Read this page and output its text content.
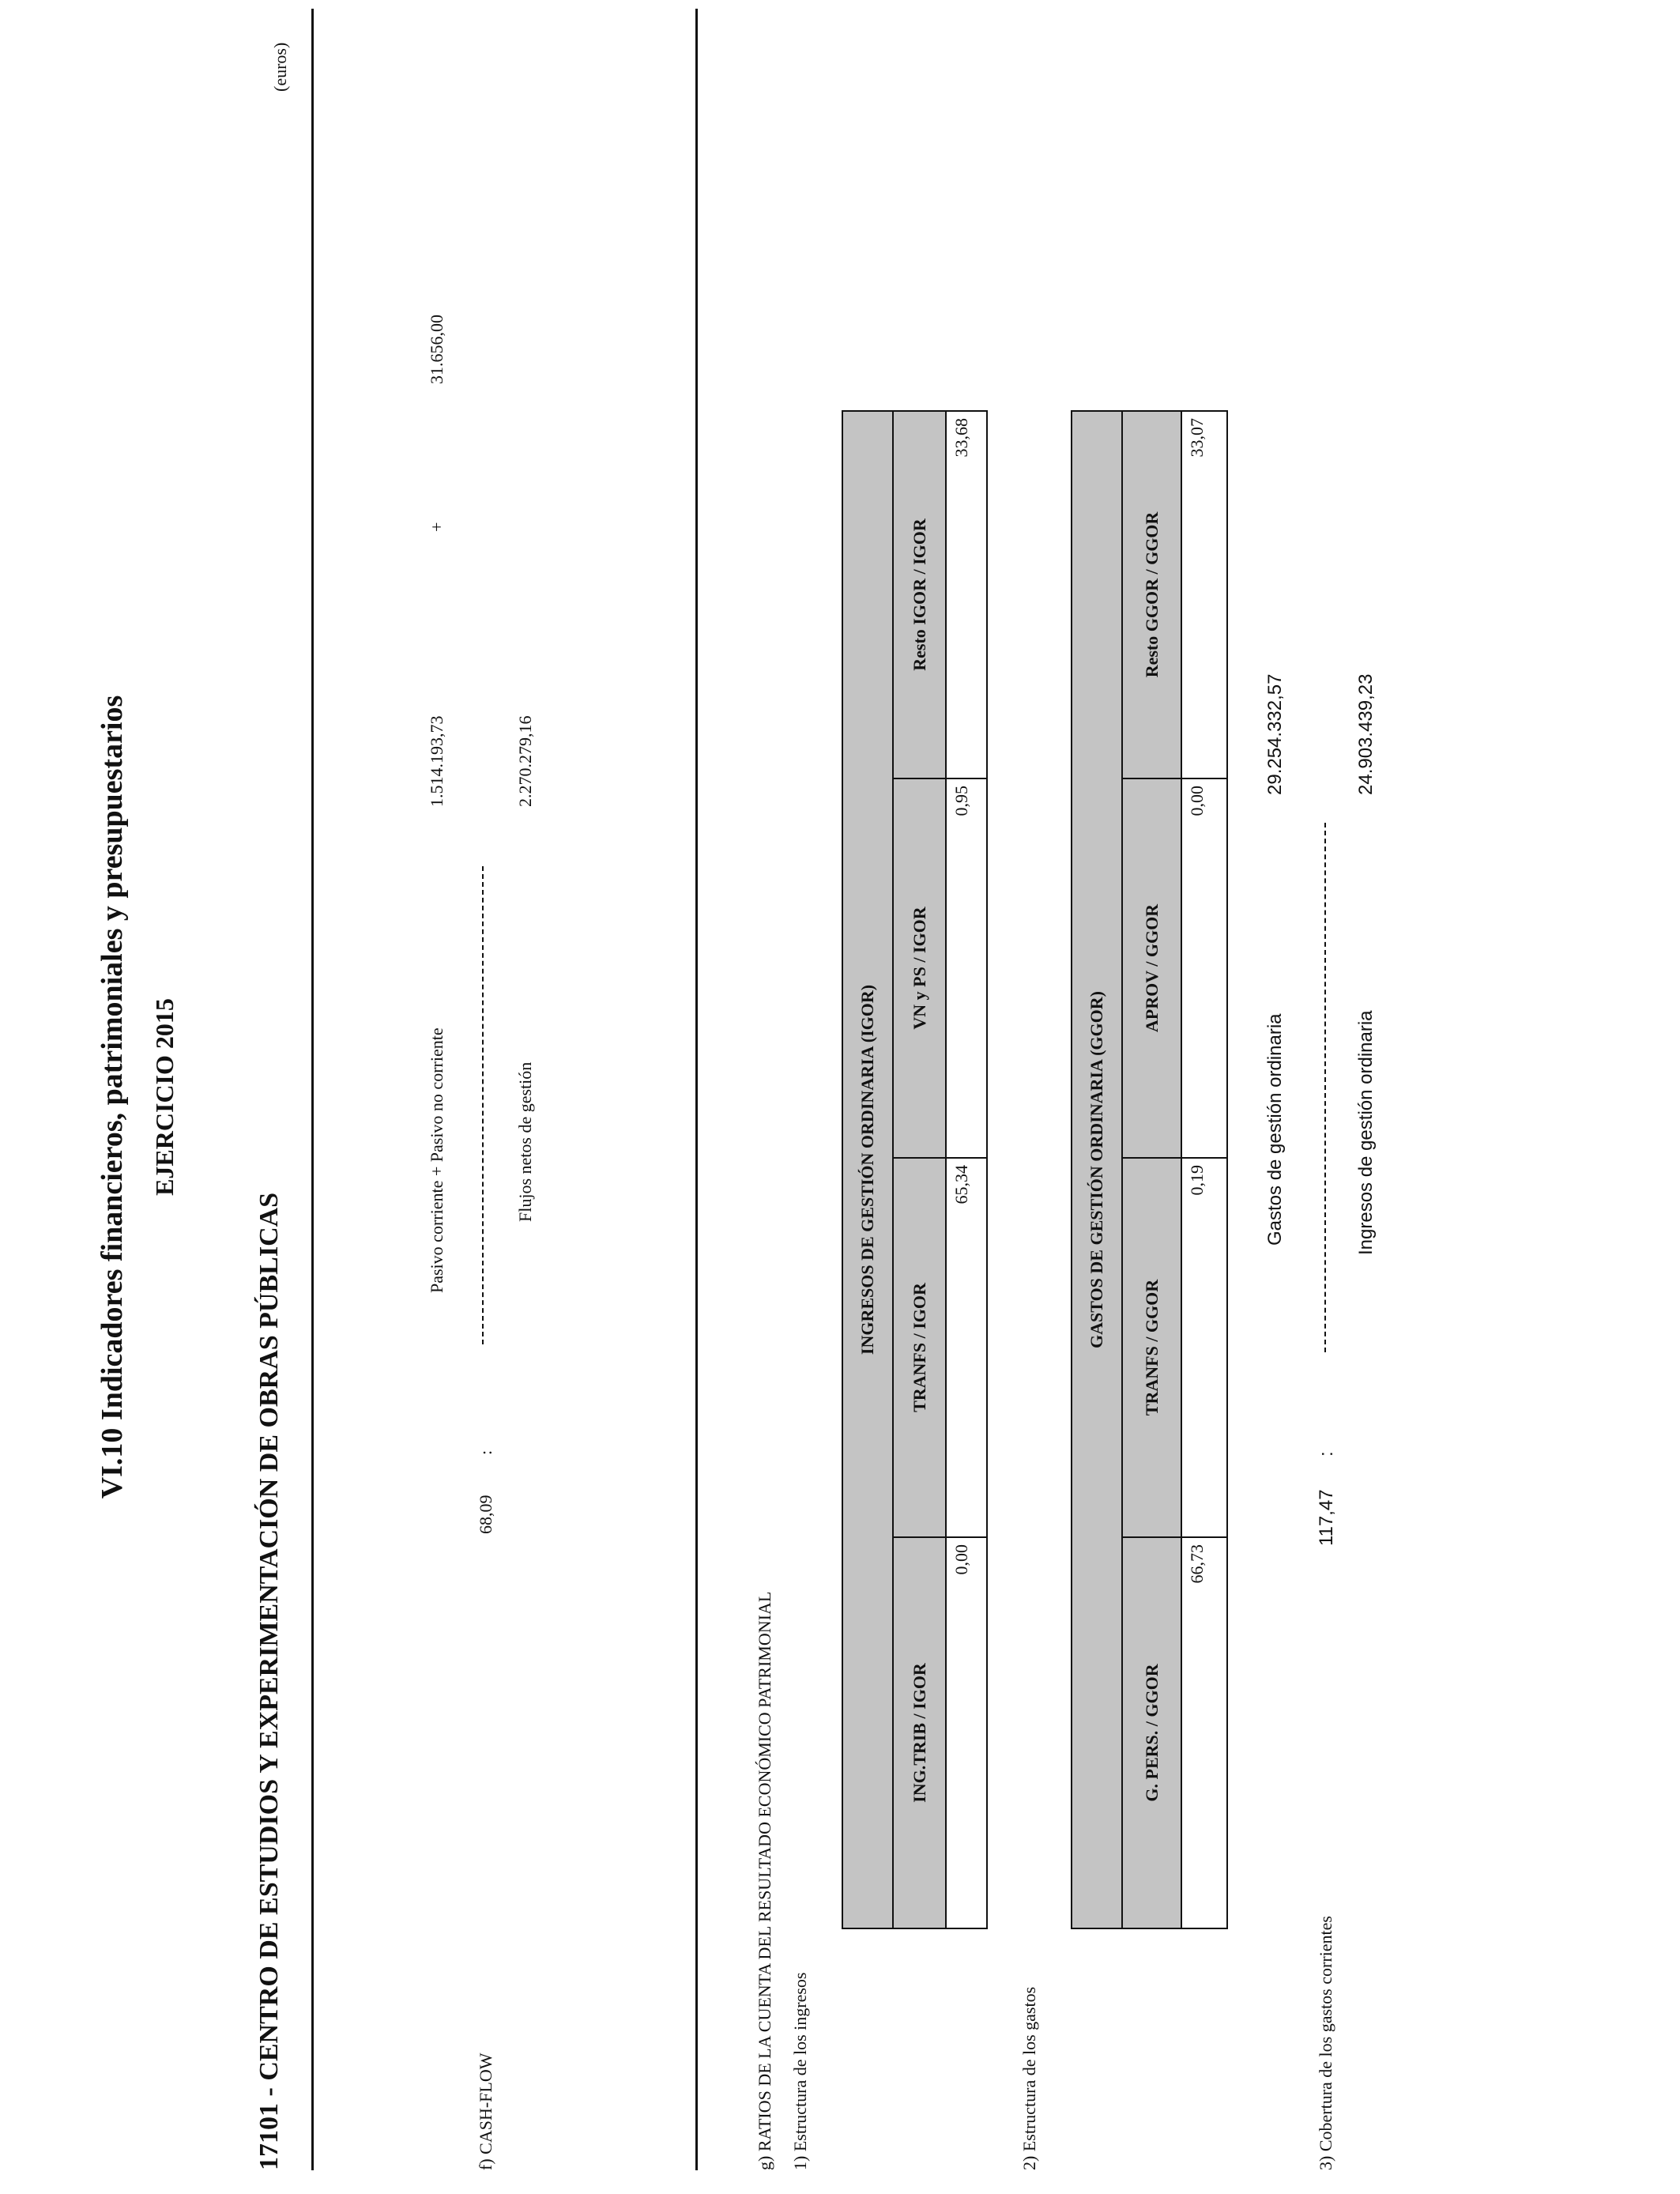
VI.10 Indicadores financieros, patrimoniales y presupuestarios EJERCICIO 2015
17101 - CENTRO DE ESTUDIOS Y EXPERIMENTACIÓN DE OBRAS PÚBLICAS
(euros)
f) CASH-FLOW
68,09
:
Pasivo corriente + Pasivo no corriente
1.514.193,73
+
31.656,00
Flujos netos de gestión
2.270.279,16
g) RATIOS DE LA CUENTA DEL RESULTADO ECONÓMICO PATRIMONIAL 1) Estructura de los ingresos
INGRESOS DE GESTIÓN ORDINARIA (IGOR)			
ING.TRIB / IGOR	TRANFS / IGOR	VN y PS / IGOR	Resto IGOR / IGOR
0,00	65,34	0,95	33,68
2) Estructura de los gastos
GASTOS DE GESTIÓN ORDINARIA (GGOR)			
G. PERS. / GGOR	TRANFS / GGOR	APROV / GGOR	Resto GGOR / GGOR
66,73	0,19	0,00	33,07
3) Cobertura de los gastos corrientes
117,47
:
Gastos de gestión ordinaria
29.254.332,57
Ingresos de gestión ordinaria
24.903.439,23
